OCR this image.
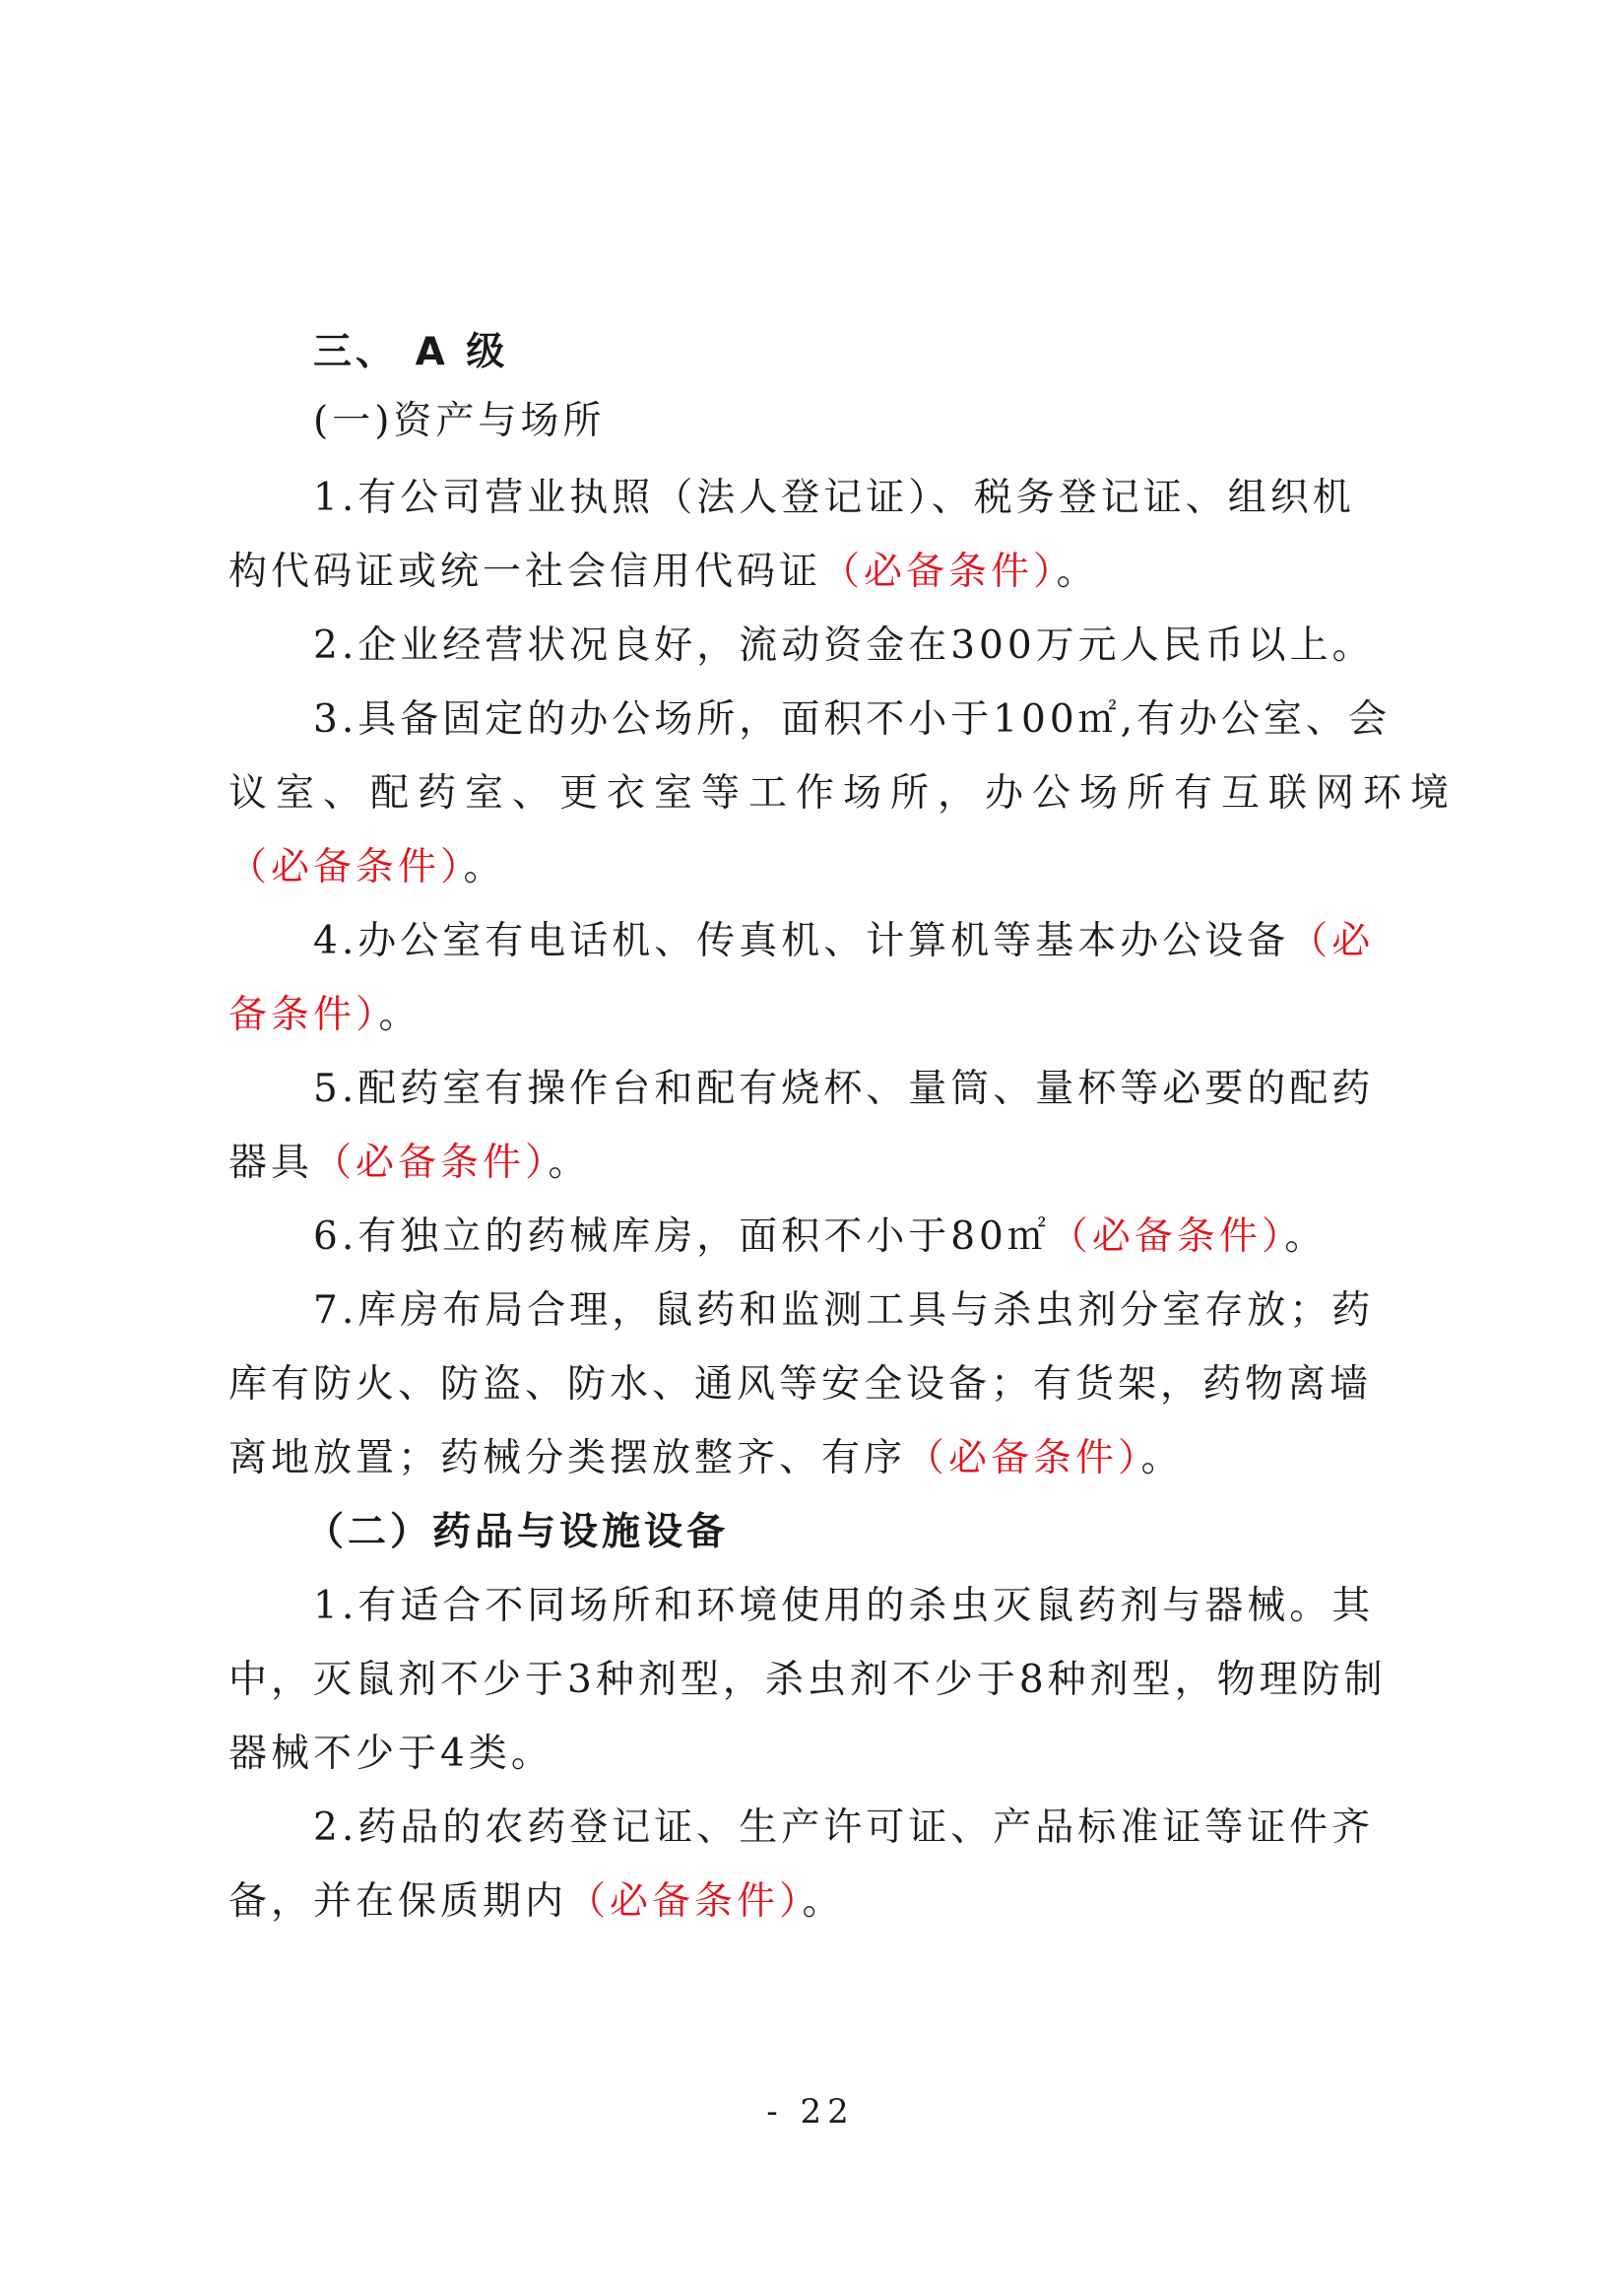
三、 A 级
(一)资产与场所
1.有公司营业执照（法人登记证）、税务登记证、组织机
构代码证或统一社会信用代码证（必备条件）。
2.企业经营状况良好，流动资金在300万元人民币以上。
3.具备固定的办公场所，面积不小于100㎡,有办公室、会
议室、配药室、更衣室等工作场所，办公场所有互联网环境
（必备条件）。
4.办公室有电话机、传真机、计算机等基本办公设备（必
备条件）。
5.配药室有操作台和配有烧杯、量筒、量杯等必要的配药
器具（必备条件）。
6.有独立的药械库房，面积不小于80㎡（必备条件）。
7.库房布局合理，鼠药和监测工具与杀虫剂分室存放；药
库有防火、防盗、防水、通风等安全设备；有货架，药物离墙
离地放置；药械分类摆放整齐、有序（必备条件）。
（二）药品与设施设备
1.有适合不同场所和环境使用的杀虫灭鼠药剂与器械。其
中，灭鼠剂不少于3种剂型，杀虫剂不少于8种剂型，物理防制
器械不少于4类。
2.药品的农药登记证、生产许可证、产品标准证等证件齐
备，并在保质期内（必备条件）。
- 22
